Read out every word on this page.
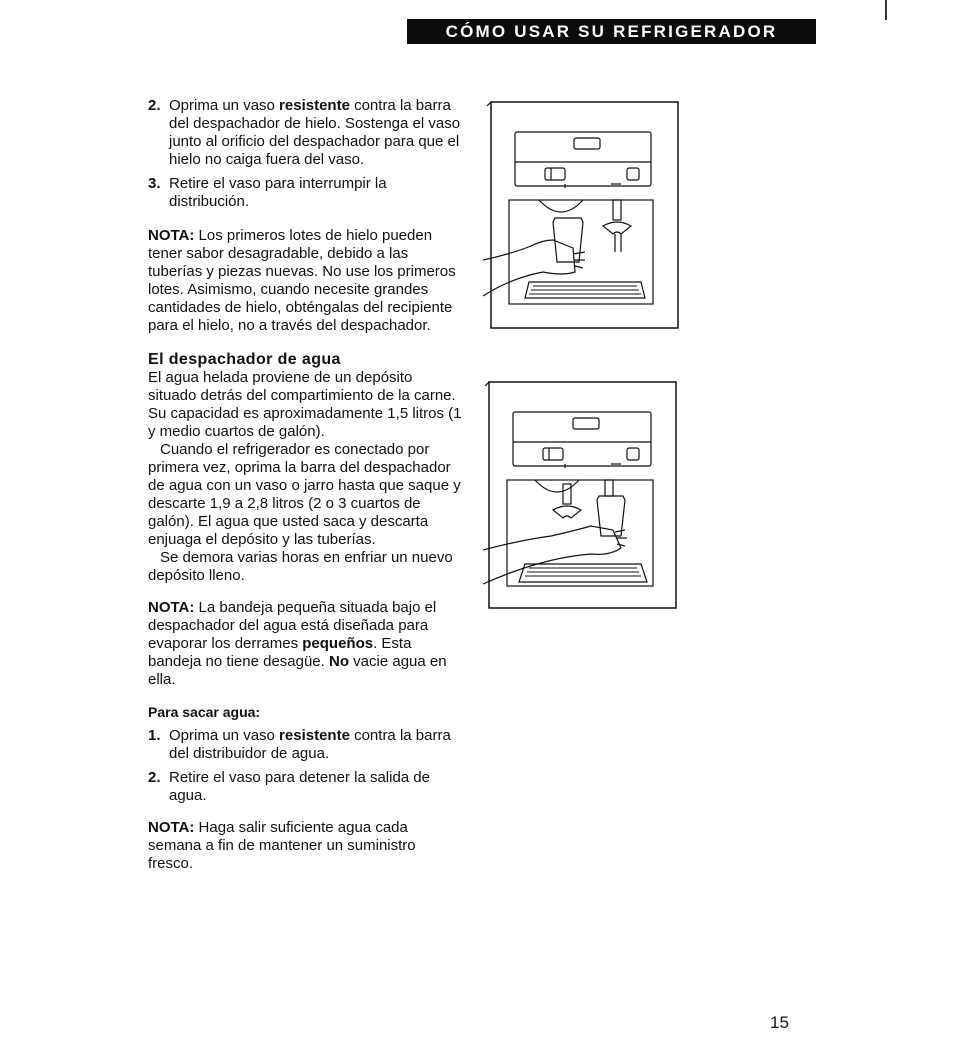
CÓMO USAR SU REFRIGERADOR

2. Oprima un vaso resistente contra la barra del despachador de hielo. Sostenga el vaso junto al orificio del despachador para que el hielo no caiga fuera del vaso.

3. Retire el vaso para interrumpir la distribución.

NOTA: Los primeros lotes de hielo pueden tener sabor desagradable, debido a las tuberías y piezas nuevas. No use los primeros lotes. Asimismo, cuando necesite grandes cantidades de hielo, obténgalas del recipiente para el hielo, no a través del despachador.

El despachador de agua

El agua helada proviene de un depósito situado detrás del compartimiento de la carne. Su capacidad es aproximadamente 1,5 litros (1 y medio cuartos de galón).

Cuando el refrigerador es conectado por primera vez, oprima la barra del despachador de agua con un vaso o jarro hasta que saque y descarte 1,9 a 2,8 litros (2 o 3 cuartos de galón). El agua que usted saca y descarta enjuaga el depósito y las tuberías.

Se demora varias horas en enfriar un nuevo depósito lleno.

NOTA: La bandeja pequeña situada bajo el despachador del agua está diseñada para evaporar los derrames pequeños. Esta bandeja no tiene desagüe. No vacie agua en ella.

Para sacar agua:

1. Oprima un vaso resistente contra la barra del distribuidor de agua.

2. Retire el vaso para detener la salida de agua.

NOTA: Haga salir suficiente agua cada semana a fin de mantener un suministro fresco.

15
